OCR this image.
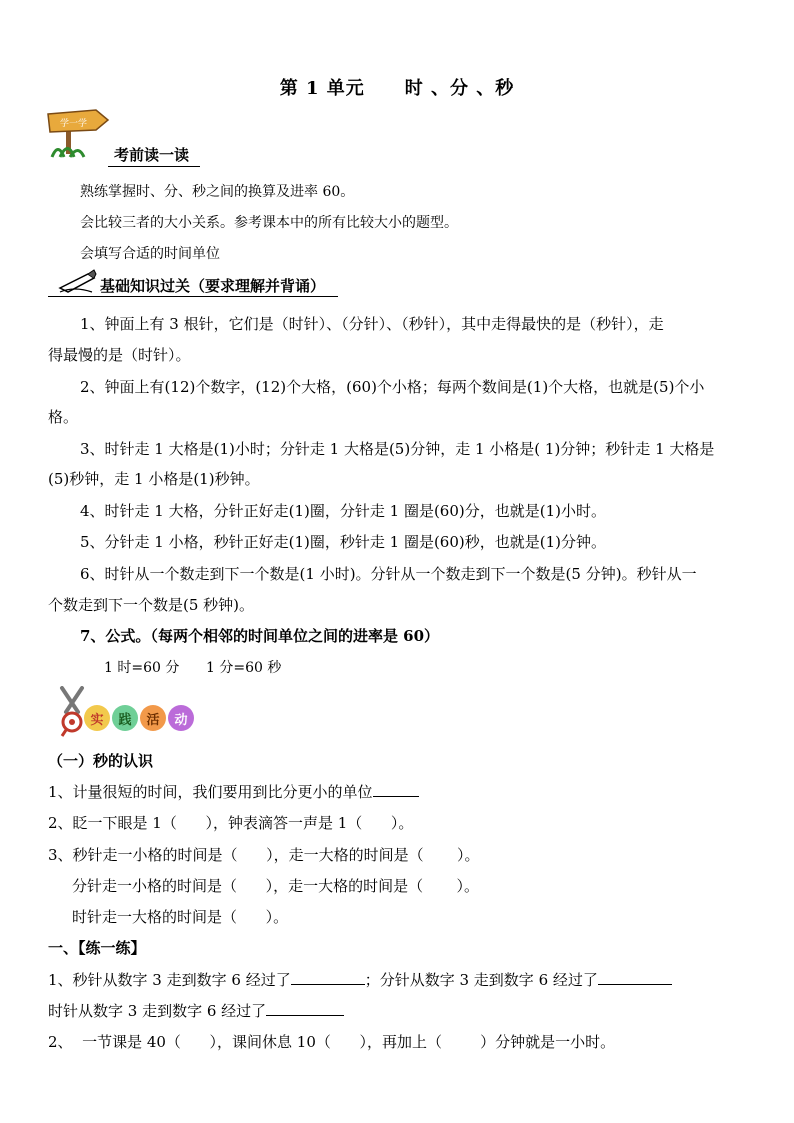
第 1 单元 时 、分 、秒
学一学
考前读一读
熟练掌握时、分、秒之间的换算及进率 60。
会比较三者的大小关系。参考课本中的所有比较大小的题型。
会填写合适的时间单位
基础知识过关（要求理解并背诵）
1、钟面上有 3 根针，它们是（时针）、（分针）、（秒针），其中走得最快的是（秒针），走
得最慢的是（时针）。
2、钟面上有(12)个数字，(12)个大格，(60)个小格；每两个数间是(1)个大格，也就是(5)个小
格。
3、时针走 1 大格是(1)小时；分针走 1 大格是(5)分钟，走 1 小格是( 1)分钟；秒针走 1 大格是
(5)秒钟，走 1 小格是(1)秒钟。
4、时针走 1 大格，分针正好走(1)圈，分针走 1 圈是(60)分，也就是(1)小时。
5、分针走 1 小格，秒针正好走(1)圈，秒针走 1 圈是(60)秒，也就是(1)分钟。
6、时针从一个数走到下一个数是(1 小时)。分针从一个数走到下一个数是(5 分钟)。秒针从一
个数走到下一个数是(5 秒钟)。
7、公式。（每两个相邻的时间单位之间的进率是 60）
1 时=60 分      1 分=60 秒
实	践	活	动
（一）秒的认识
1、计量很短的时间，我们要用到比分更小的单位
2、眨一下眼是 1（      ），钟表滴答一声是 1（      ）。
3、秒针走一小格的时间是（      ），走一大格的时间是（       ）。
分针走一小格的时间是（      ），走一大格的时间是（       ）。
时针走一大格的时间是（      ）。
一、【练一练】
1、秒针从数字 3 走到数字 6 经过了	；分针从数字 3 走到数字 6 经过了
时针从数字 3 走到数字 6 经过了
2、  一节课是 40（      ），课间休息 10（      ），再加上（        ）分钟就是一小时。
